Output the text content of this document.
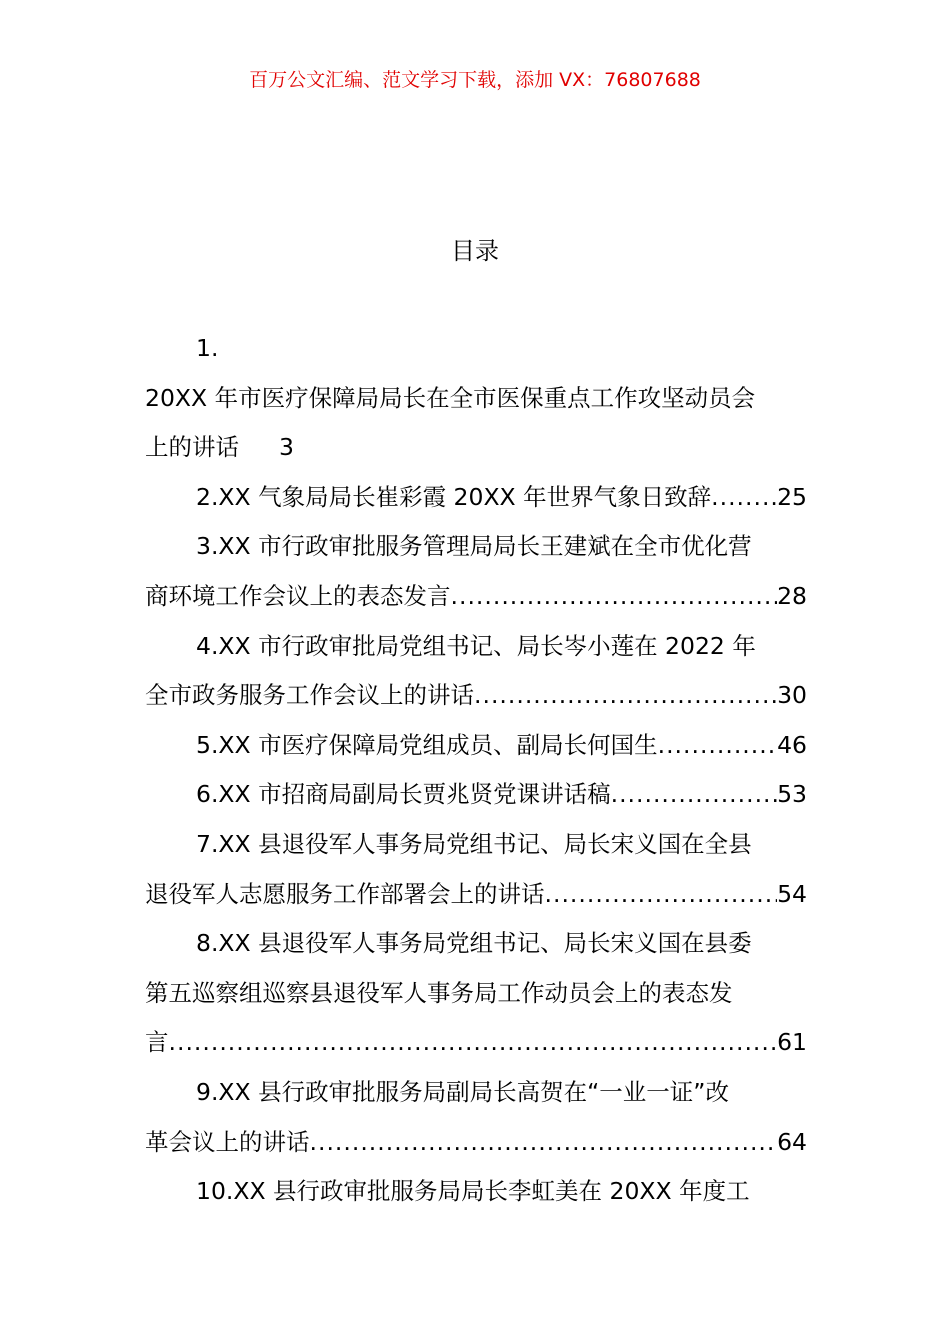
百万公文汇编、范文学习下载，添加 VX：76807688
目录
1.
20XX 年市医疗保障局局长在全市医保重点工作攻坚动员会
上的讲话 3
2.XX 气象局局长崔彩霞 20XX 年世界气象日致辞 .....	25
3.XX 市行政审批服务管理局局长王建斌在全市优化营
商环境工作会议上的表态发言 .....	28
4.XX 市行政审批局党组书记、局长岑小莲在 2022 年
全市政务服务工作会议上的讲话 .....	30
5.XX 市医疗保障局党组成员、副局长何国生 .....	46
6.XX 市招商局副局长贾兆贤党课讲话稿 .....	53
7.XX 县退役军人事务局党组书记、局长宋义国在全县
退役军人志愿服务工作部署会上的讲话 .....	54
8.XX 县退役军人事务局党组书记、局长宋义国在县委
第五巡察组巡察县退役军人事务局工作动员会上的表态发
言 .....	61
9.XX 县行政审批服务局副局长高贺在“一业一证”改
革会议上的讲话 .....	64
10.XX 县行政审批服务局局长李虹美在 20XX 年度工
